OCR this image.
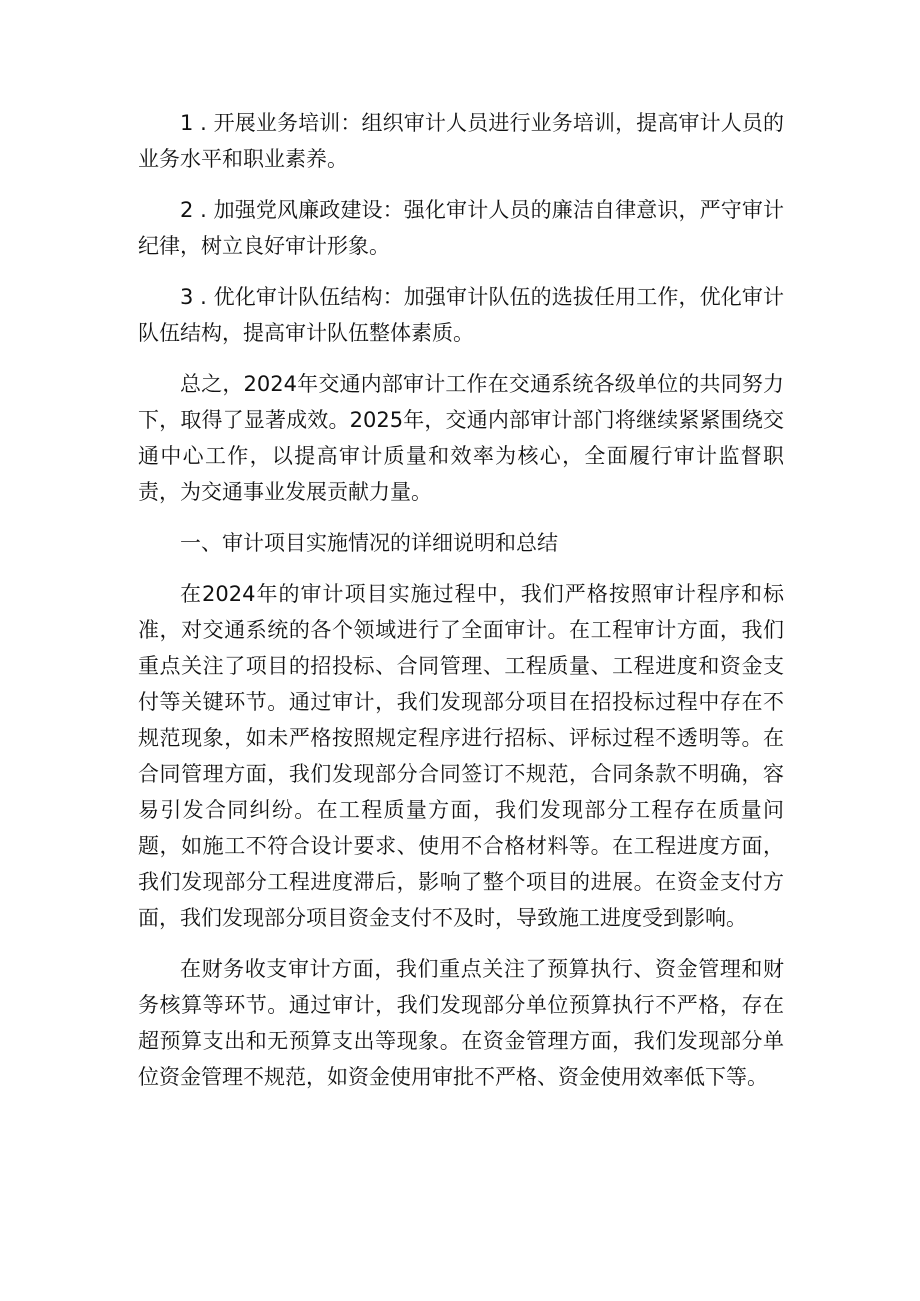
1 . 开展业务培训：组织审计人员进行业务培训，提高审计人员的业务水平和职业素养。

2 . 加强党风廉政建设：强化审计人员的廉洁自律意识，严守审计纪律，树立良好审计形象。

3 . 优化审计队伍结构：加强审计队伍的选拔任用工作，优化审计队伍结构，提高审计队伍整体素质。

总之，2024年交通内部审计工作在交通系统各级单位的共同努力下，取得了显著成效。2025年，交通内部审计部门将继续紧紧围绕交通中心工作，以提高审计质量和效率为核心，全面履行审计监督职责，为交通事业发展贡献力量。

一、审计项目实施情况的详细说明和总结

在2024年的审计项目实施过程中，我们严格按照审计程序和标准，对交通系统的各个领域进行了全面审计。在工程审计方面，我们重点关注了项目的招投标、合同管理、工程质量、工程进度和资金支付等关键环节。通过审计，我们发现部分项目在招投标过程中存在不规范现象，如未严格按照规定程序进行招标、评标过程不透明等。在合同管理方面，我们发现部分合同签订不规范，合同条款不明确，容易引发合同纠纷。在工程质量方面，我们发现部分工程存在质量问题，如施工不符合设计要求、使用不合格材料等。在工程进度方面，我们发现部分工程进度滞后，影响了整个项目的进展。在资金支付方面，我们发现部分项目资金支付不及时，导致施工进度受到影响。

在财务收支审计方面，我们重点关注了预算执行、资金管理和财务核算等环节。通过审计，我们发现部分单位预算执行不严格，存在超预算支出和无预算支出等现象。在资金管理方面，我们发现部分单位资金管理不规范，如资金使用审批不严格、资金使用效率低下等。
